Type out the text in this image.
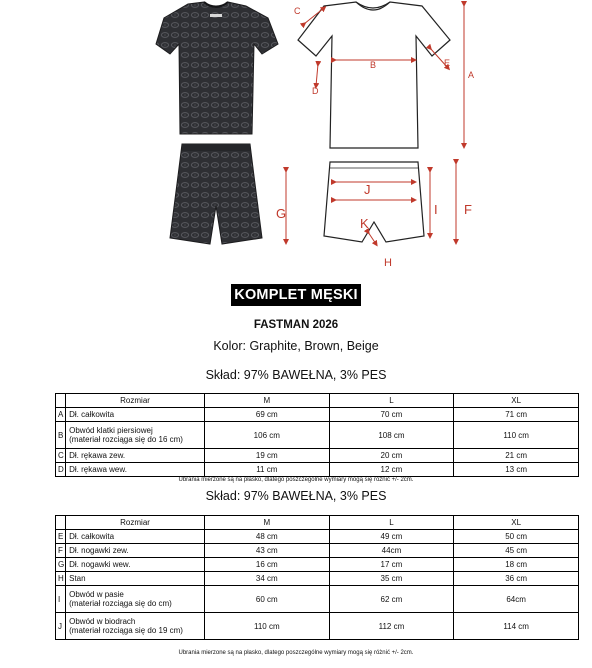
C
B	E
A
D
J
G	I F
K
H
KOMPLET MĘSKI
FASTMAN 2026
Kolor: Graphite, Brown, Beige
Skład: 97% BAWEŁNA, 3% PES
	Rozmiar	M	L	XL
A	Dł. całkowita	69 cm	70 cm	71 cm
B	Obwód klatki piersiowej
(materiał rozciąga się do 16 cm)	106 cm	108 cm	110 cm
C	Dł. rękawa zew.	19 cm	20 cm	21 cm
D	Dł. rękawa wew.	11 cm	12 cm	13 cm
Ubrania mierzone są na płasko, dlatego poszczególne wymiary mogą się różnić +/- 2cm.
Skład: 97% BAWEŁNA, 3% PES
	Rozmiar	M	L	XL
E	Dł. całkowita	48 cm	49 cm	50 cm
F	Dł. nogawki zew.	43 cm	44cm	45 cm
G	Dł. nogawki wew.	16 cm	17 cm	18 cm
H	Stan	34 cm	35 cm	36 cm
I	Obwód w pasie
(materiał rozciąga się do cm)	60 cm	62 cm	64cm
J	Obwód w biodrach
(materiał rozciąga się do 19 cm)	110 cm	112 cm	114 cm
Ubrania mierzone są na płasko, dlatego poszczególne wymiary mogą się różnić +/- 2cm.
